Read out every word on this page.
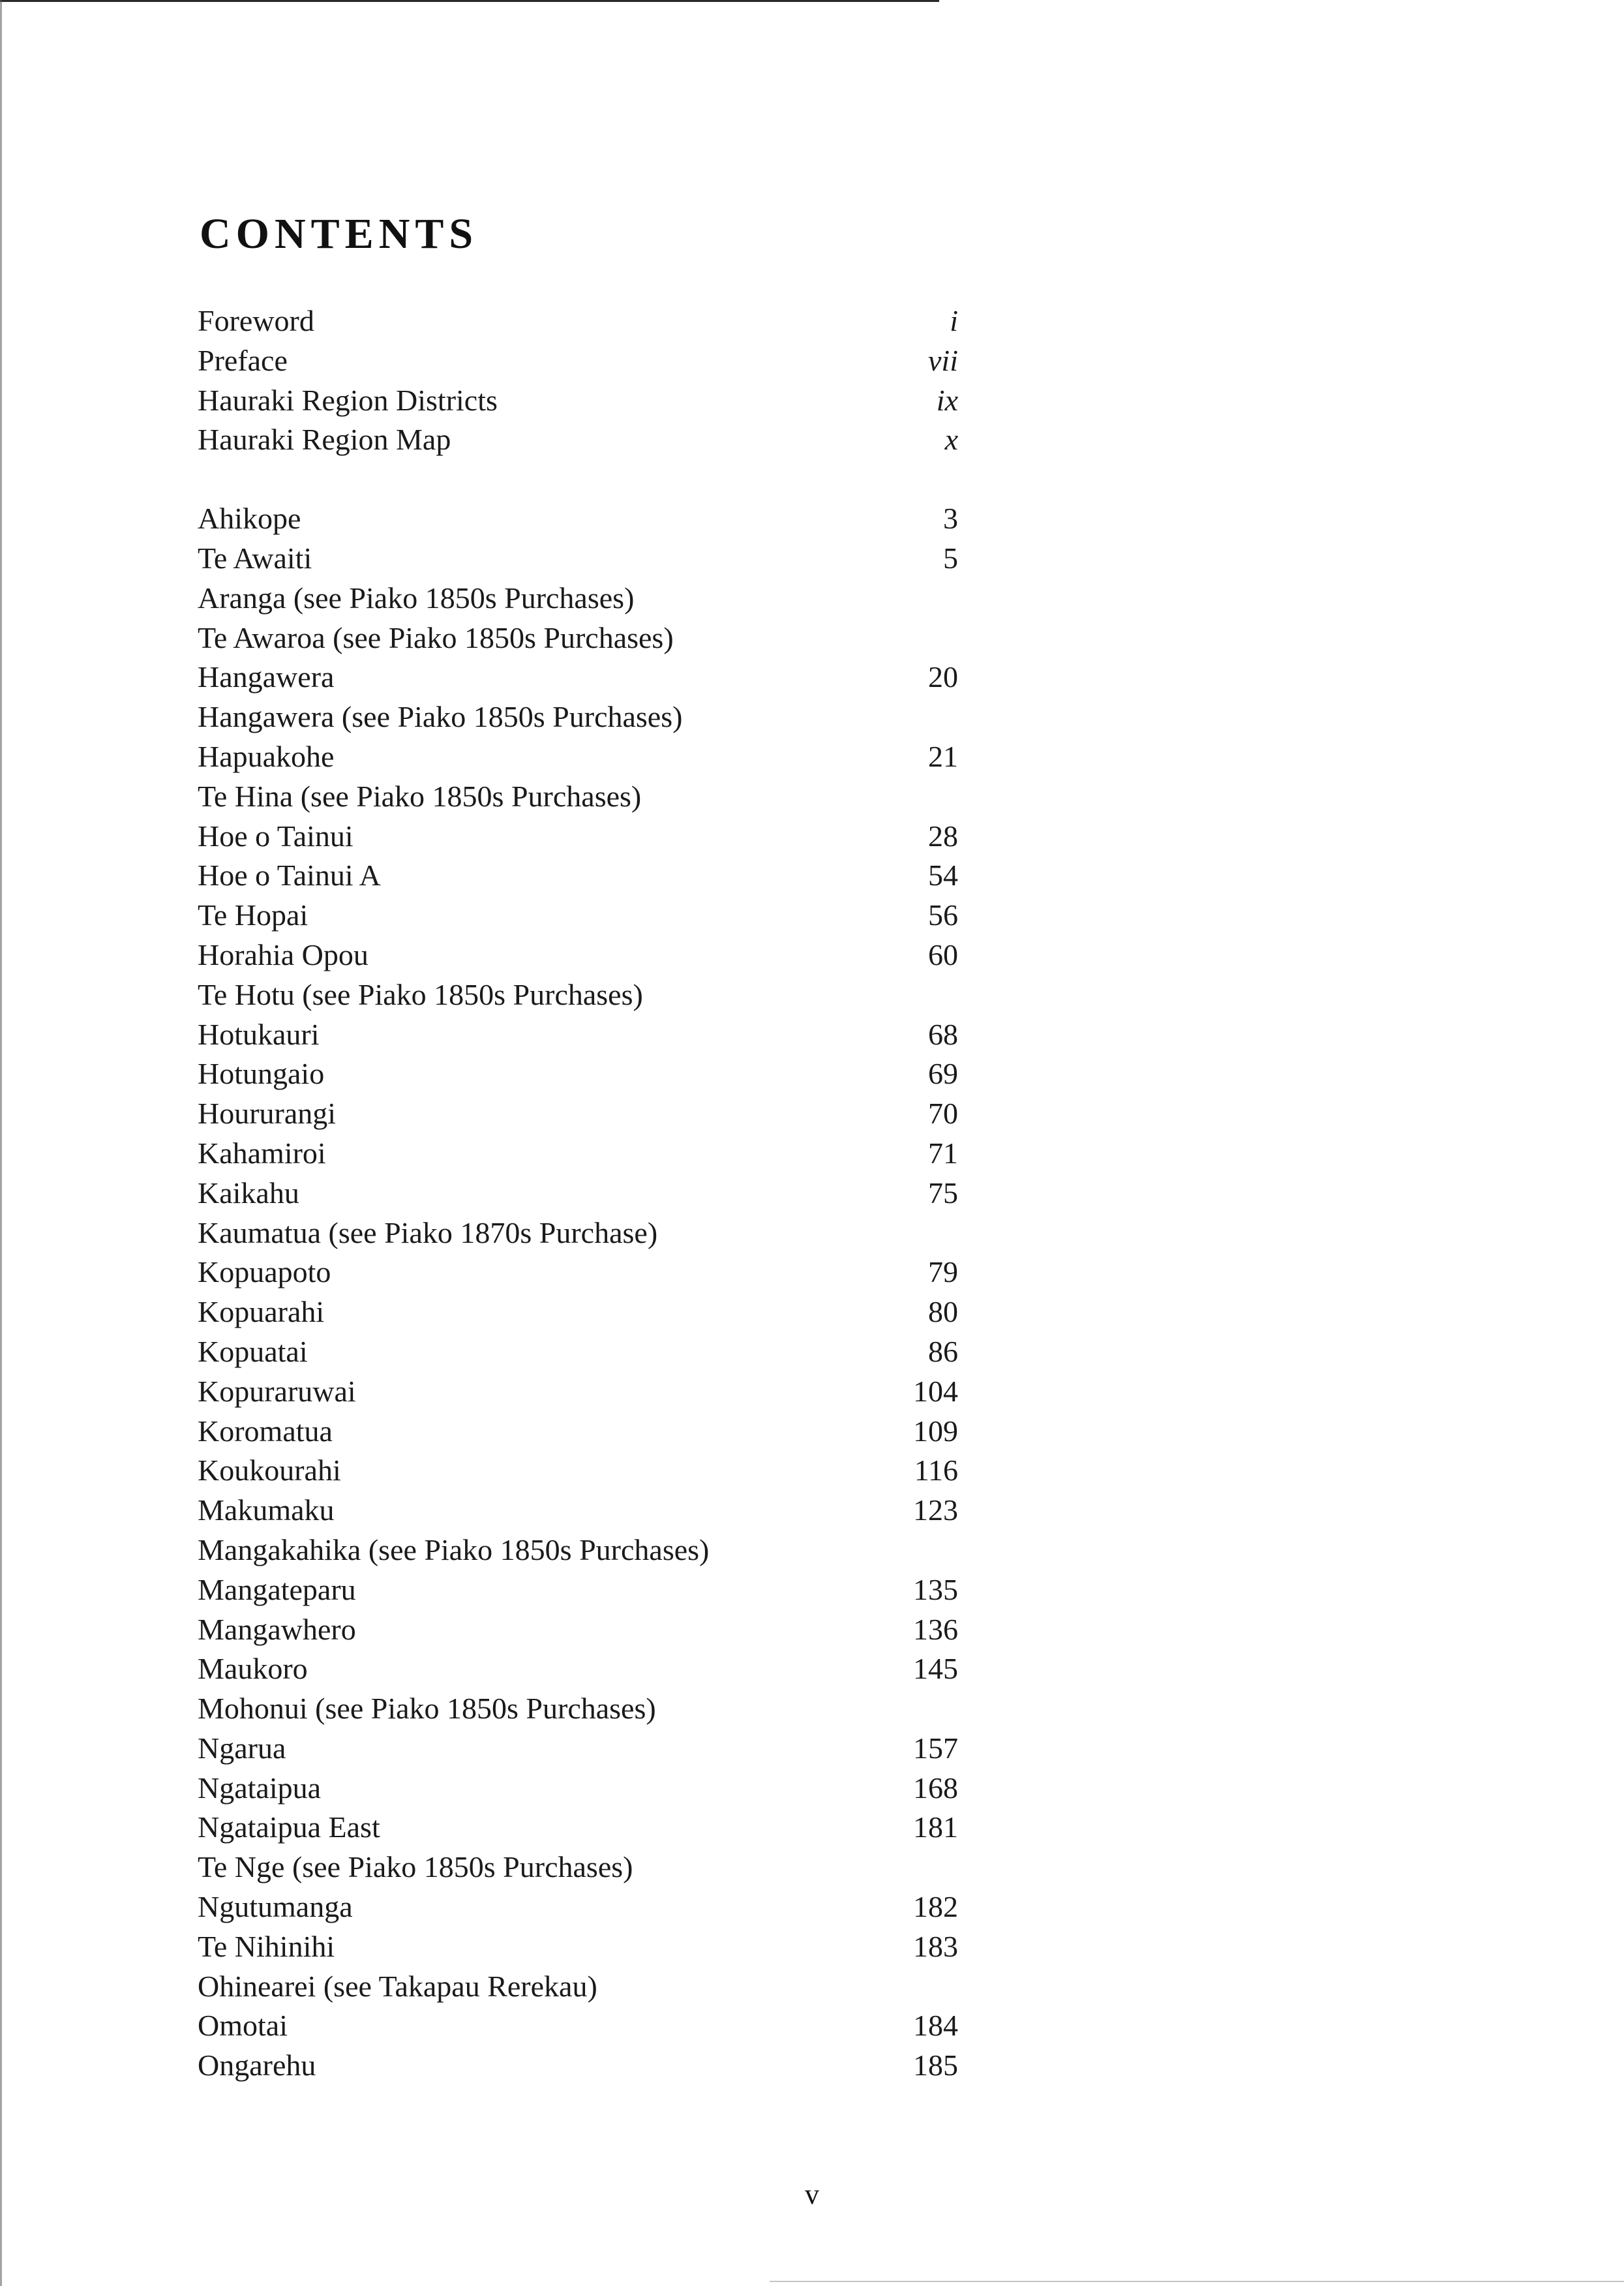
CONTENTS
Foreword	i
Preface	vii
Hauraki Region Districts	ix
Hauraki Region Map	x
Ahikope	3
Te Awaiti	5
Aranga (see Piako 1850s Purchases)
Te Awaroa (see Piako 1850s Purchases)
Hangawera	20
Hangawera (see Piako 1850s Purchases)
Hapuakohe	21
Te Hina (see Piako 1850s Purchases)
Hoe o Tainui	28
Hoe o Tainui A	54
Te Hopai	56
Horahia Opou	60
Te Hotu (see Piako 1850s Purchases)
Hotukauri	68
Hotungaio	69
Hoururangi	70
Kahamiroi	71
Kaikahu	75
Kaumatua (see Piako 1870s Purchase)
Kopuapoto	79
Kopuarahi	80
Kopuatai	86
Kopuraruwai	104
Koromatua	109
Koukourahi	116
Makumaku	123
Mangakahika (see Piako 1850s Purchases)
Mangateparu	135
Mangawhero	136
Maukoro	145
Mohonui (see Piako 1850s Purchases)
Ngarua	157
Ngataipua	168
Ngataipua East	181
Te Nge (see Piako 1850s Purchases)
Ngutumanga	182
Te Nihinihi	183
Ohinearei (see Takapau Rerekau)
Omotai	184
Ongarehu	185
v
